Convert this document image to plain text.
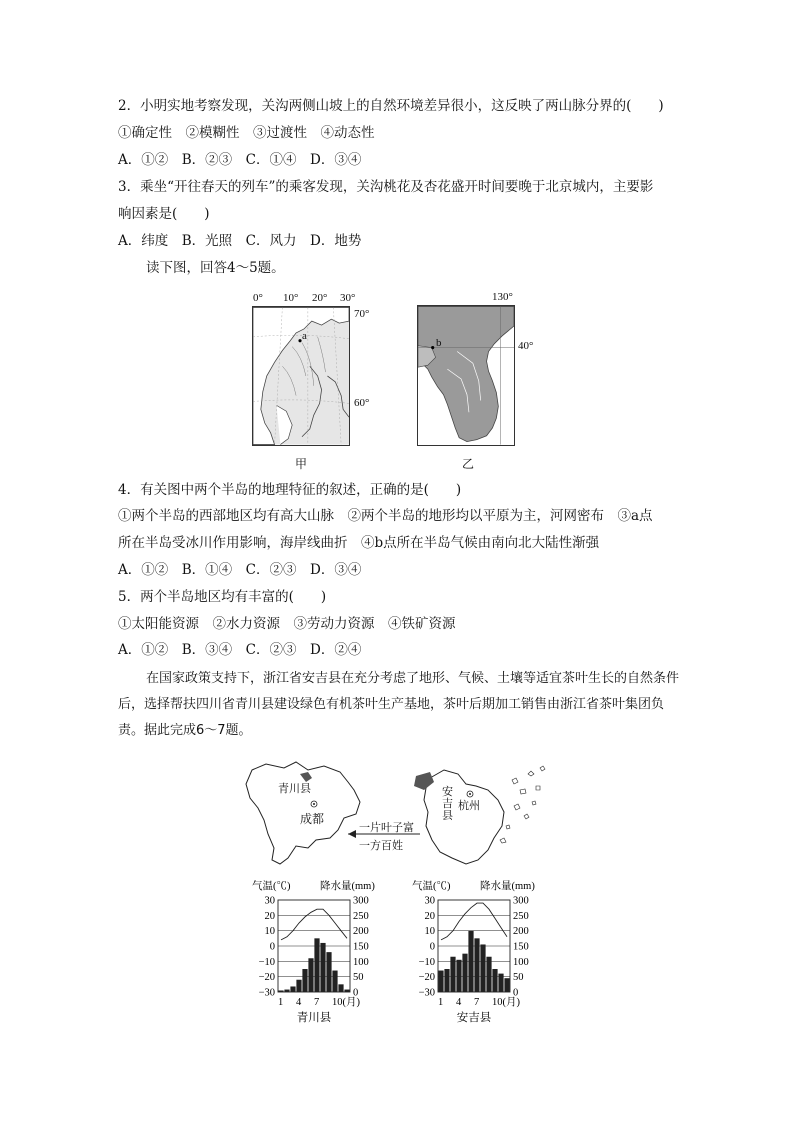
2．小明实地考察发现，关沟两侧山坡上的自然环境差异很小，这反映了两山脉分界的(　　)
①确定性　②模糊性　③过渡性　④动态性
A．①②　B．②③　C．①④　D．③④
3．乘坐“开往春天的列车”的乘客发现，关沟桃花及杏花盛开时间要晚于北京城内，主要影
响因素是(　　)
A．纬度　B．光照　C．风力　D．地势
读下图，回答4～5题。
a
0° 10° 20° 30°
70°
60°
甲
b
130°
40°
乙
4．有关图中两个半岛的地理特征的叙述，正确的是(　　)
①两个半岛的西部地区均有高大山脉　②两个半岛的地形均以平原为主，河网密布　③a点
所在半岛受冰川作用影响，海岸线曲折　④b点所在半岛气候由南向北大陆性渐强
A．①②　B．①④　C．②③　D．③④
5．两个半岛地区均有丰富的(　　)
①太阳能资源　②水力资源　③劳动力资源　④铁矿资源
A．①②　B．③④　C．②③　D．②④
在国家政策支持下，浙江省安吉县在充分考虑了地形、气候、土壤等适宜茶叶生长的自然条件后，选择帮扶四川省青川县建设绿色有机茶叶生产基地，茶叶后期加工销售由浙江省茶叶集团负责。据此完成6～7题。
青川县
成都
安吉县
杭州
一片叶子富
一方百姓
气温(℃)	降水量(mm)
30	300
20	250
10	200
0	150
−10	100
−20	50
−30	0
1 4 7 10(月)
青川县
气温(℃)	降水量(mm)
30	300
20	250
10	200
0	150
−10	100
−20	50
−30	0
1 4 7 10(月)
安吉县
